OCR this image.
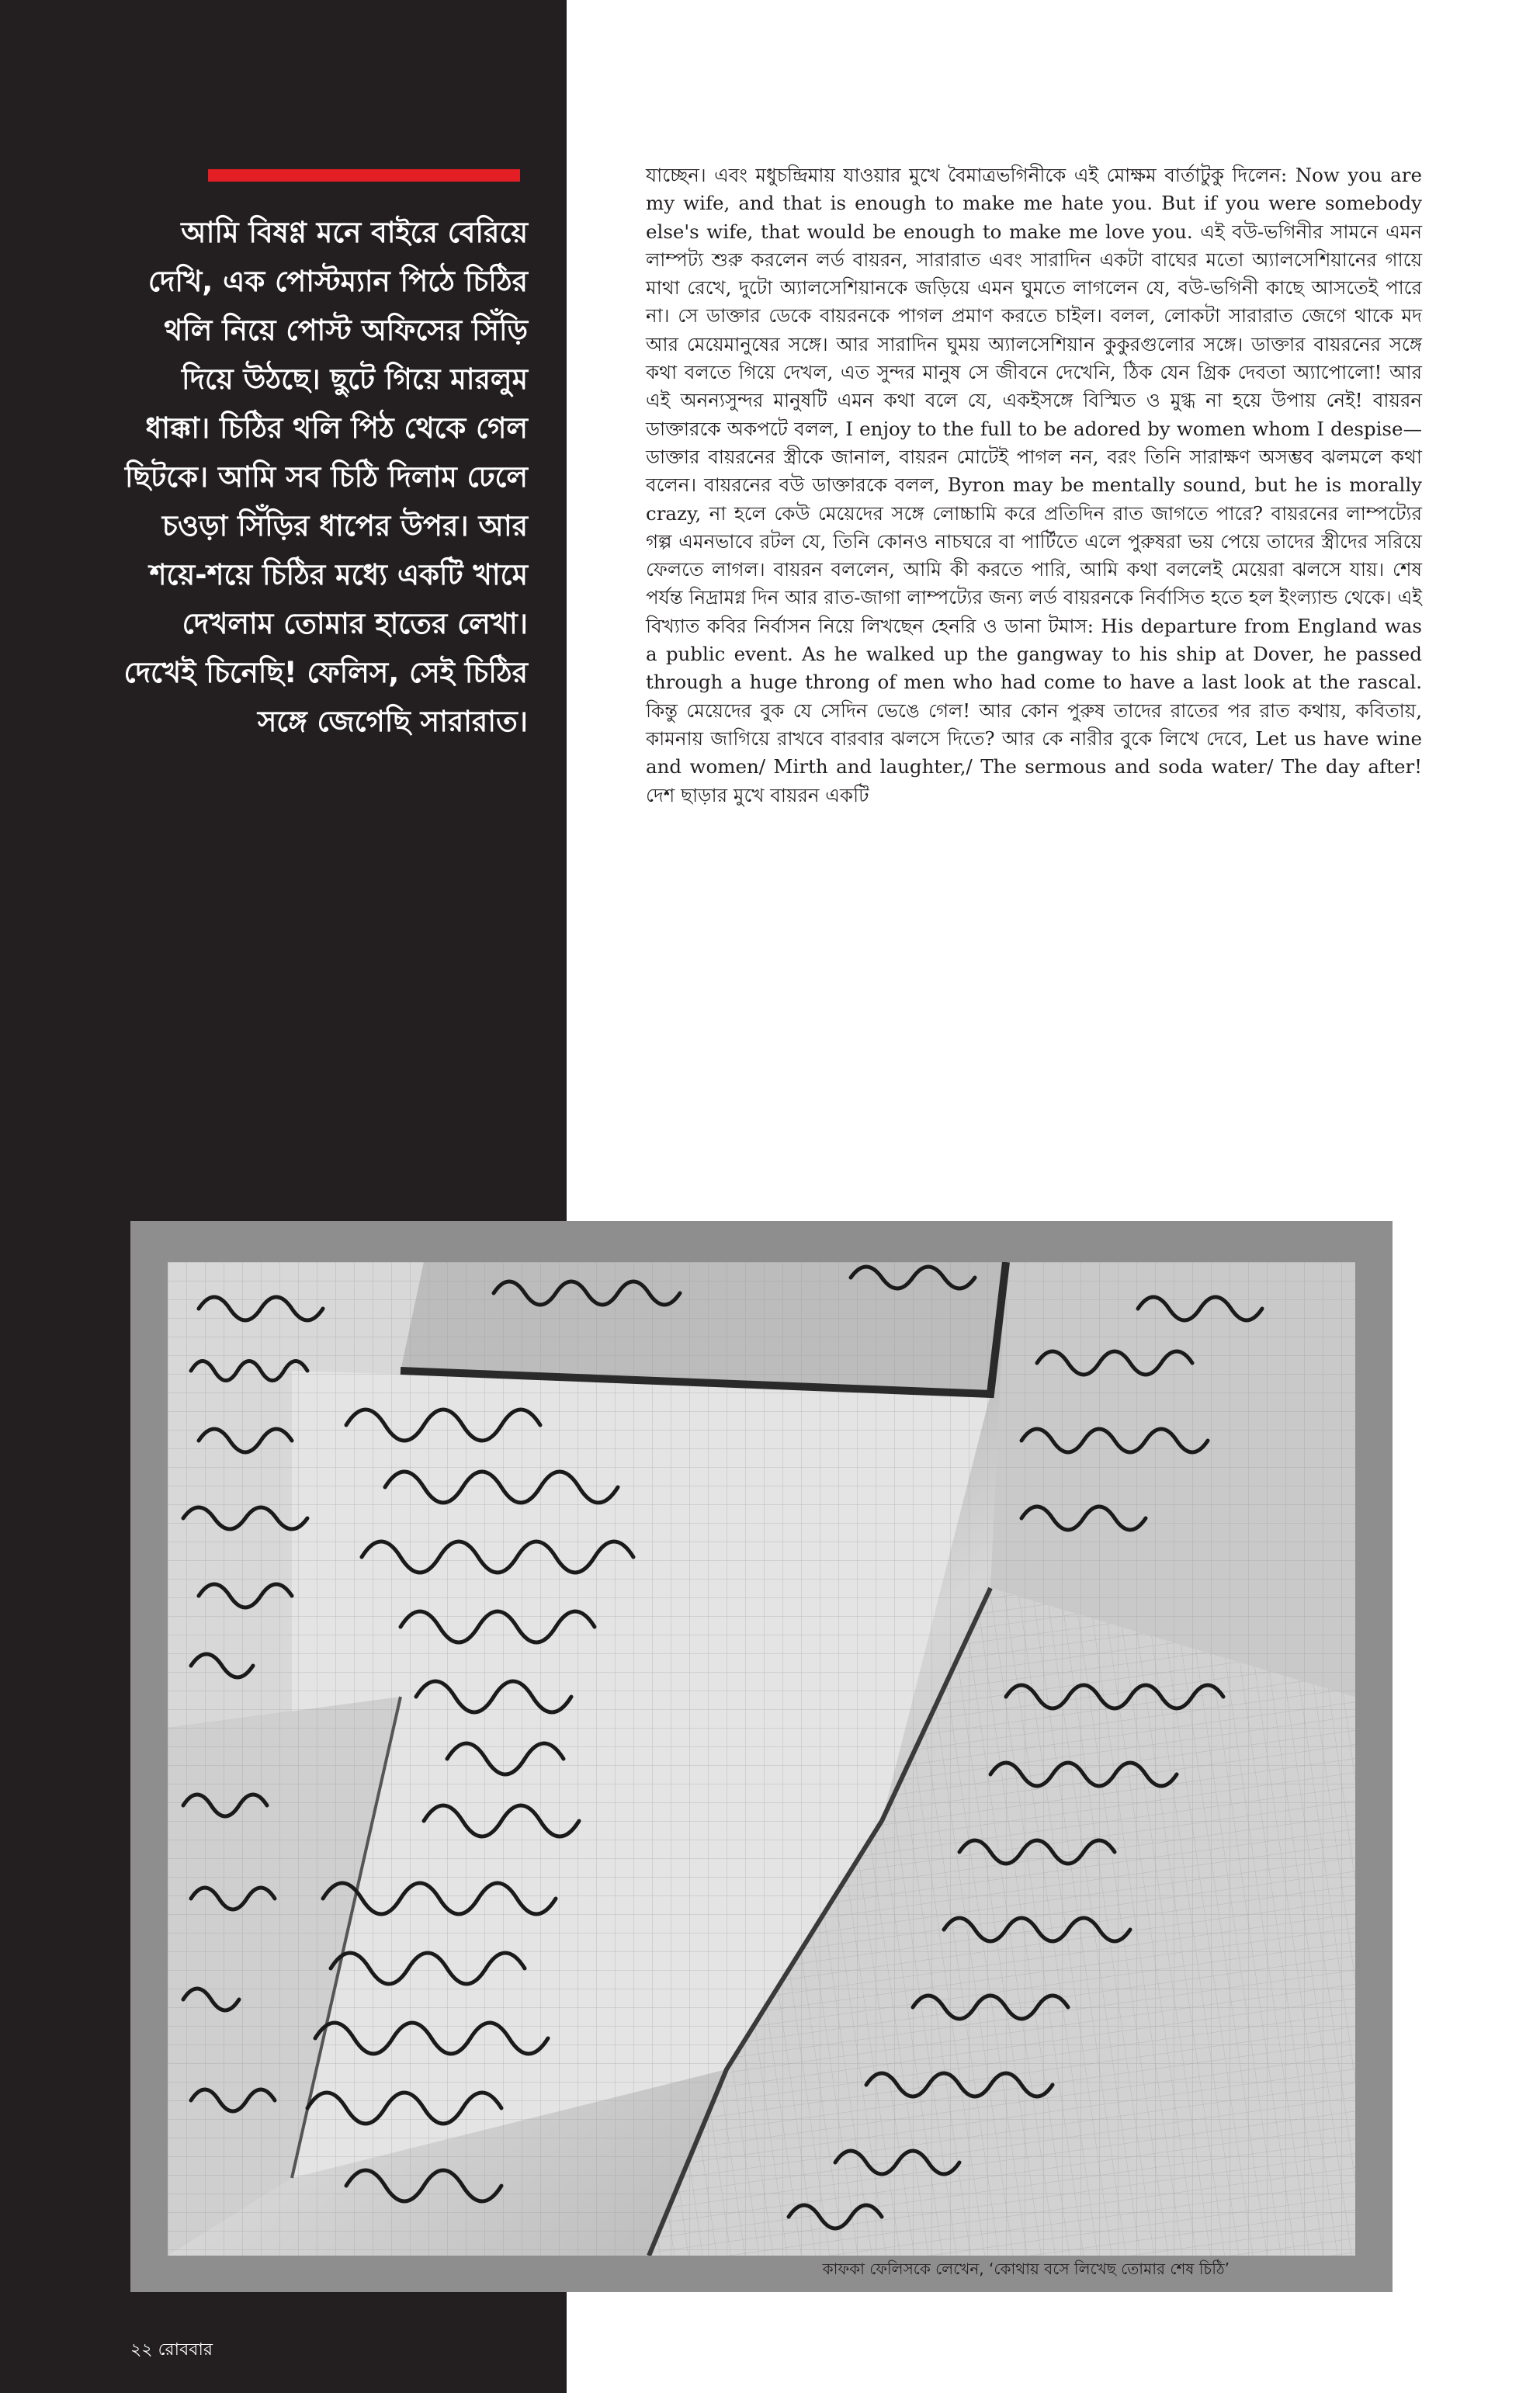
আমি বিষণ্ণ মনে বাইরে বেরিয়ে দেখি, এক পোস্টম্যান পিঠে চিঠির থলি নিয়ে পোস্ট অফিসের সিঁড়ি দিয়ে উঠছে। ছুটে গিয়ে মারলুম ধাক্কা। চিঠির থলি পিঠ থেকে গেল ছিটকে। আমি সব চিঠি দিলাম ঢেলে চওড়া সিঁড়ির ধাপের উপর। আর শয়ে-শয়ে চিঠির মধ্যে একটি খামে দেখলাম তোমার হাতের লেখা। দেখেই চিনেছি! ফেলিস, সেই চিঠির সঙ্গে জেগেছি সারারাত।

যাচ্ছেন। এবং মধুচন্দ্রিমায় যাওয়ার মুখে বৈমাত্রভগিনীকে এই মোক্ষম বার্তাটুকু দিলেন: Now you are my wife, and that is enough to make me hate you. But if you were somebody else's wife, that would be enough to make me love you. এই বউ-ভগিনীর সামনে এমন লাম্পট্য শুরু করলেন লর্ড বায়রন, সারারাত এবং সারাদিন একটা বাঘের মতো অ্যালসেশিয়ানের গায়ে মাথা রেখে, দুটো অ্যালসেশিয়ানকে জড়িয়ে এমন ঘুমতে লাগলেন যে, বউ-ভগিনী কাছে আসতেই পারে না। সে ডাক্তার ডেকে বায়রনকে পাগল প্রমাণ করতে চাইল। বলল, লোকটা সারারাত জেগে থাকে মদ আর মেয়েমানুষের সঙ্গে। আর সারাদিন ঘুময় অ্যালসেশিয়ান কুকুরগুলোর সঙ্গে। ডাক্তার বায়রনের সঙ্গে কথা বলতে গিয়ে দেখল, এত সুন্দর মানুষ সে জীবনে দেখেনি, ঠিক যেন গ্রিক দেবতা অ্যাপোলো! আর এই অনন্যসুন্দর মানুষটি এমন কথা বলে যে, একইসঙ্গে বিস্মিত ও মুগ্ধ না হয়ে উপায় নেই! বায়রন ডাক্তারকে অকপটে বলল, I enjoy to the full to be adored by women whom I despise— ডাক্তার বায়রনের স্ত্রীকে জানাল, বায়রন মোটেই পাগল নন, বরং তিনি সারাক্ষণ অসম্ভব ঝলমলে কথা বলেন। বায়রনের বউ ডাক্তারকে বলল, Byron may be mentally sound, but he is morally crazy, না হলে কেউ মেয়েদের সঙ্গে লোচ্চামি করে প্রতিদিন রাত জাগতে পারে? বায়রনের লাম্পট্যের গল্প এমনভাবে রটল যে, তিনি কোনও নাচঘরে বা পার্টিতে এলে পুরুষরা ভয় পেয়ে তাদের স্ত্রীদের সরিয়ে ফেলতে লাগল। বায়রন বললেন, আমি কী করতে পারি, আমি কথা বললেই মেয়েরা ঝলসে যায়। শেষ পর্যন্ত নিদ্রামগ্ন দিন আর রাত-জাগা লাম্পট্যের জন্য লর্ড বায়রনকে নির্বাসিত হতে হল ইংল্যান্ড থেকে। এই বিখ্যাত কবির নির্বাসন নিয়ে লিখছেন হেনরি ও ডানা টমাস: His departure from England was a public event. As he walked up the gangway to his ship at Dover, he passed through a huge throng of men who had come to have a last look at the rascal. কিন্তু মেয়েদের বুক যে সেদিন ভেঙে গেল! আর কোন পুরুষ তাদের রাতের পর রাত কথায়, কবিতায়, কামনায় জাগিয়ে রাখবে বারবার ঝলসে দিতে? আর কে নারীর বুকে লিখে দেবে, Let us have wine and women/ Mirth and laughter,/ The sermous and soda water/ The day after! দেশ ছাড়ার মুখে বায়রন একটি

কাফকা ফেলিসকে লেখেন, ‘কোথায় বসে লিখেছ তোমার শেষ চিঠি’

২২ রোববার
